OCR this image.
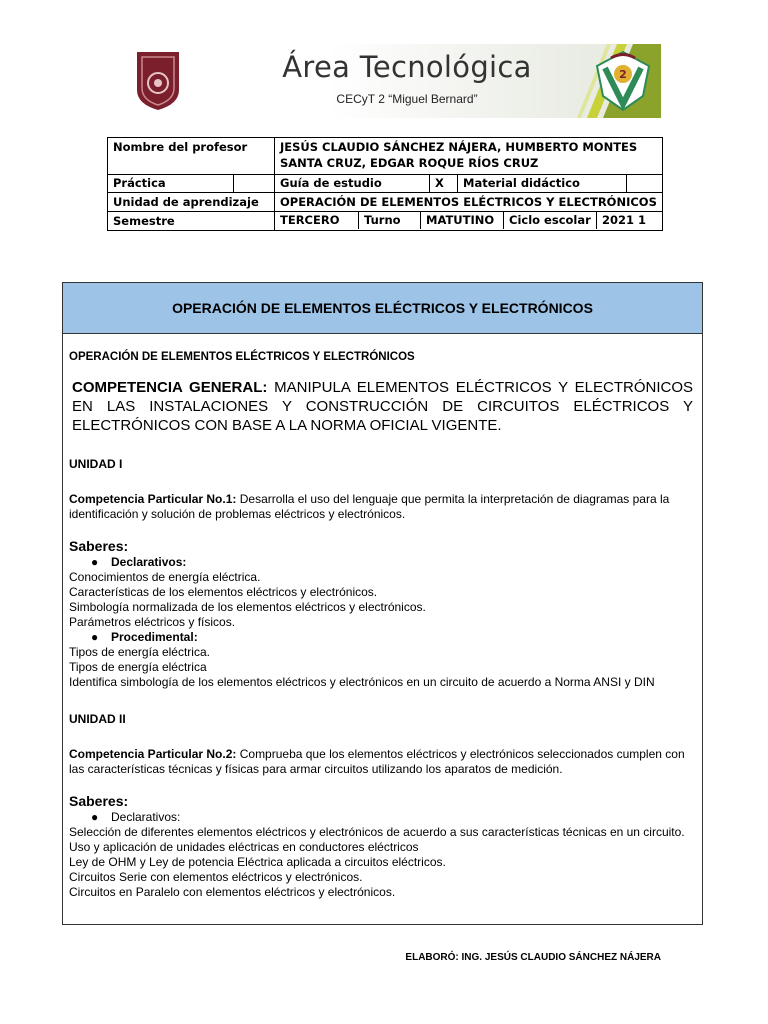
Área Tecnológica
CECyT 2 “Miguel Bernard”
2
Nombre del profesor	JESÚS CLAUDIO SÁNCHEZ NÁJERA, HUMBERTO MONTES SANTA CRUZ, EDGAR ROQUE RÍOS CRUZ

Práctica	Guía de estudio X Material didáctico

Unidad de aprendizaje	OPERACIÓN DE ELEMENTOS ELÉCTRICOS Y ELECTRÓNICOS
Semestre	TERCERO Turno MATUTINO Ciclo escolar 2021 1
OPERACIÓN DE ELEMENTOS ELÉCTRICOS Y ELECTRÓNICOS

OPERACIÓN DE ELEMENTOS ELÉCTRICOS Y ELECTRÓNICOS

COMPETENCIA GENERAL: MANIPULA ELEMENTOS ELÉCTRICOS Y ELECTRÓNICOS EN LAS INSTALACIONES Y CONSTRUCCIÓN DE CIRCUITOS ELÉCTRICOS Y ELECTRÓNICOS CON BASE A LA NORMA OFICIAL VIGENTE.

UNIDAD I

Competencia Particular No.1: Desarrolla el uso del lenguaje que permita la interpretación de diagramas para la identificación y solución de problemas eléctricos y electrónicos.

Saberes:

● Declarativos:

Conocimientos de energía eléctrica.

Características de los elementos eléctricos y electrónicos.

Simbología normalizada de los elementos eléctricos y electrónicos.

Parámetros eléctricos y físicos.

● Procedimental:

Tipos de energía eléctrica.

Tipos de energía eléctrica

Identifica simbología de los elementos eléctricos y electrónicos en un circuito de acuerdo a Norma ANSI y DIN

UNIDAD II

Competencia Particular No.2: Comprueba que los elementos eléctricos y electrónicos seleccionados cumplen con las características técnicas y físicas para armar circuitos utilizando los aparatos de medición.

Saberes:

● Declarativos:

Selección de diferentes elementos eléctricos y electrónicos de acuerdo a sus características técnicas en un circuito.

Uso y aplicación de unidades eléctricas en conductores eléctricos

Ley de OHM y Ley de potencia Eléctrica aplicada a circuitos eléctricos.

Circuitos Serie con elementos eléctricos y electrónicos.

Circuitos en Paralelo con elementos eléctricos y electrónicos.

ELABORÓ: ING. JESÚS CLAUDIO SÁNCHEZ NÁJERA
